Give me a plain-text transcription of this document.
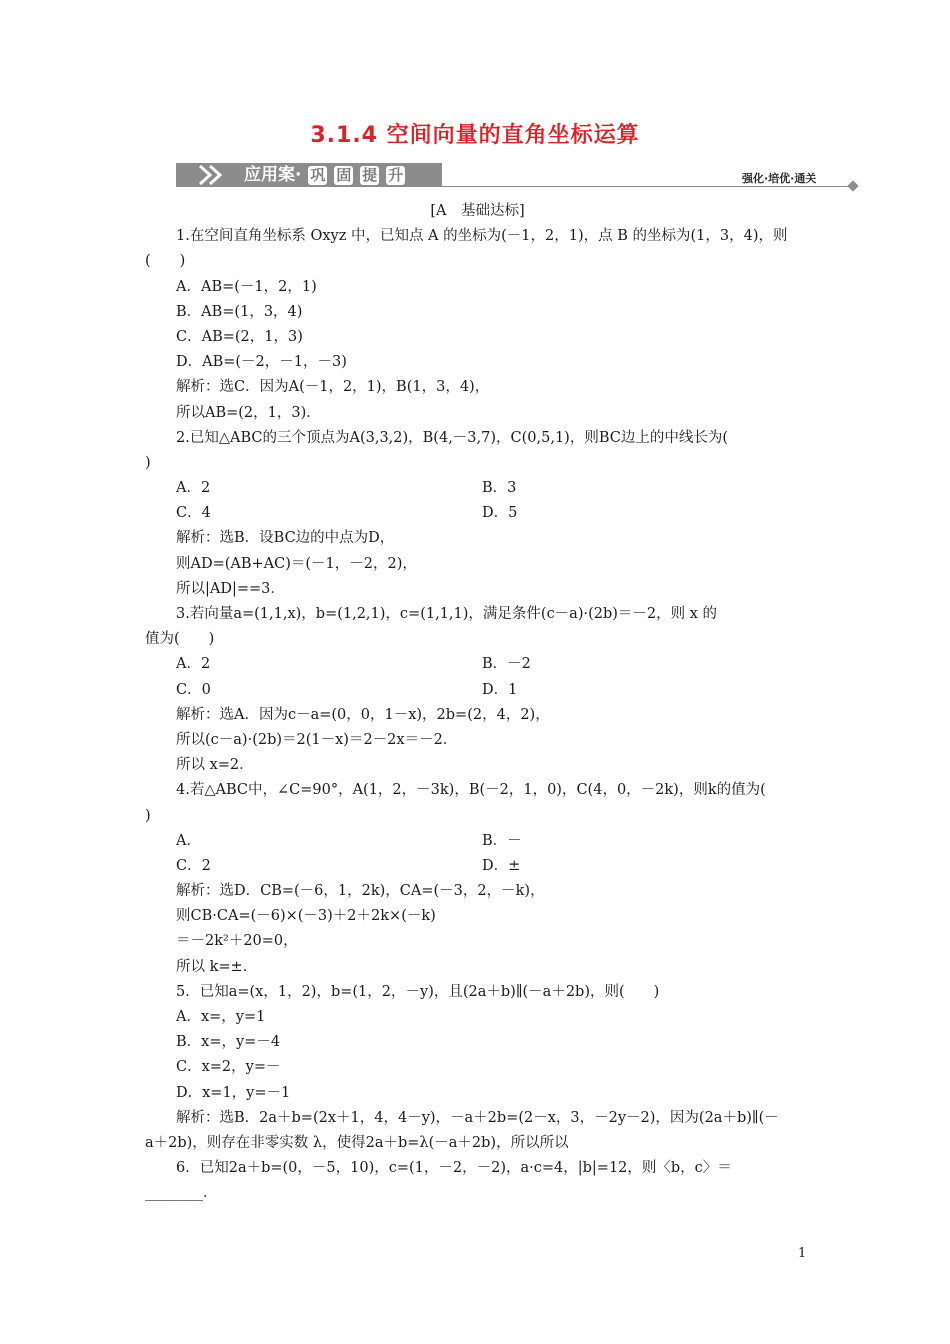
3.1.4 空间向量的直角坐标运算
应用案· 巩 固 提 升	强化·培优·通关
[A　基础达标]
1.在空间直角坐标系 Oxyz 中，已知点 A 的坐标为(－1，2，1)，点 B 的坐标为(1，3，4)，则
(　　)
A．AB=(－1，2，1)
B．AB=(1，3，4)
C．AB=(2，1，3)
D．AB=(－2，－1，－3)
解析：选C．因为A(－1，2，1)，B(1，3，4)，
所以AB=(2，1，3)．
2.已知△ABC的三个顶点为A(3,3,2)，B(4,－3,7)，C(0,5,1)，则BC边上的中线长为(
)
A．2	B．3
C．4	D．5
解析：选B．设BC边的中点为D，
则AD=(AB+AC)＝(－1，－2，2)，
所以|AD|==3．
3.若向量a=(1,1,x)，b=(1,2,1)，c=(1,1,1)，满足条件(c－a)·(2b)＝－2，则 x 的
值为(　　)
A．2	B．－2
C．0	D．1
解析：选A．因为c－a=(0，0，1－x)，2b=(2，4，2)，
所以(c－a)·(2b)＝2(1－x)＝2－2x＝－2．
所以 x=2．
4.若△ABC中，∠C=90°，A(1，2，－3k)，B(－2，1，0)，C(4，0，－2k)，则k的值为(
)
A．	B．－
C．2	D．±
解析：选D．CB=(－6，1，2k)，CA=(－3，2，－k)，
则CB·CA=(－6)×(－3)＋2＋2k×(－k)
＝－2k²＋20=0，
所以 k=±．
5．已知a=(x，1，2)，b=(1，2，－y)，且(2a＋b)∥(－a＋2b)，则(　　)
A．x=，y=1
B．x=，y=－4
C．x=2，y=－
D．x=1，y=－1
解析：选B．2a＋b=(2x＋1，4，4－y)，－a＋2b=(2－x，3，－2y－2)，因为(2a＋b)∥(－
a＋2b)，则存在非零实数 λ，使得2a＋b=λ(－a＋2b)，所以所以
6．已知2a＋b=(0，－5，10)，c=(1，－2，－2)，a·c=4，|b|=12，则〈b，c〉＝
________．
1
